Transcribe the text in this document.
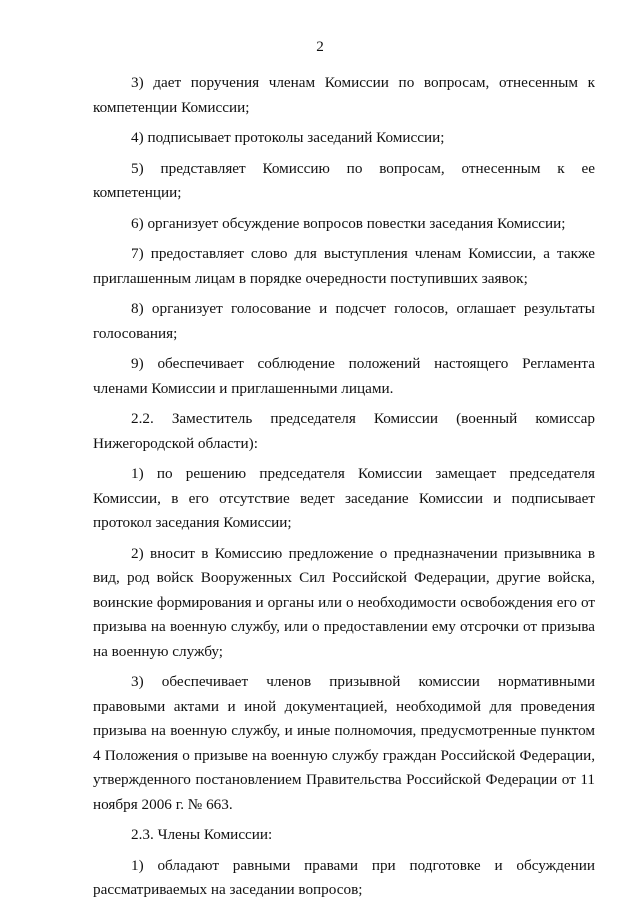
2

3) дает поручения членам Комиссии по вопросам, отнесенным к компетенции Комиссии;

4) подписывает протоколы заседаний Комиссии;

5) представляет Комиссию по вопросам, отнесенным к ее компетенции;

6) организует обсуждение вопросов повестки заседания Комиссии;

7) предоставляет слово для выступления членам Комиссии, а также приглашенным лицам в порядке очередности поступивших заявок;

8) организует голосование и подсчет голосов, оглашает результаты голосования;

9) обеспечивает соблюдение положений настоящего Регламента членами Комиссии и приглашенными лицами.

2.2. Заместитель председателя Комиссии (военный комиссар Нижегородской области):

1) по решению председателя Комиссии замещает председателя Комиссии, в его отсутствие ведет заседание Комиссии и подписывает протокол заседания Комиссии;

2) вносит в Комиссию предложение о предназначении призывника в вид, род войск Вооруженных Сил Российской Федерации, другие войска, воинские формирования и органы или о необходимости освобождения его от призыва на военную службу, или о предоставлении ему отсрочки от призыва на военную службу;

3) обеспечивает членов призывной комиссии нормативными правовыми актами и иной документацией, необходимой для проведения призыва на военную службу, и иные полномочия, предусмотренные пунктом 4 Положения о призыве на военную службу граждан Российской Федерации, утвержденного постановлением Правительства Российской Федерации от 11 ноября 2006 г. № 663.

2.3. Члены Комиссии:

1) обладают равными правами при подготовке и обсуждении рассматриваемых на заседании вопросов;
